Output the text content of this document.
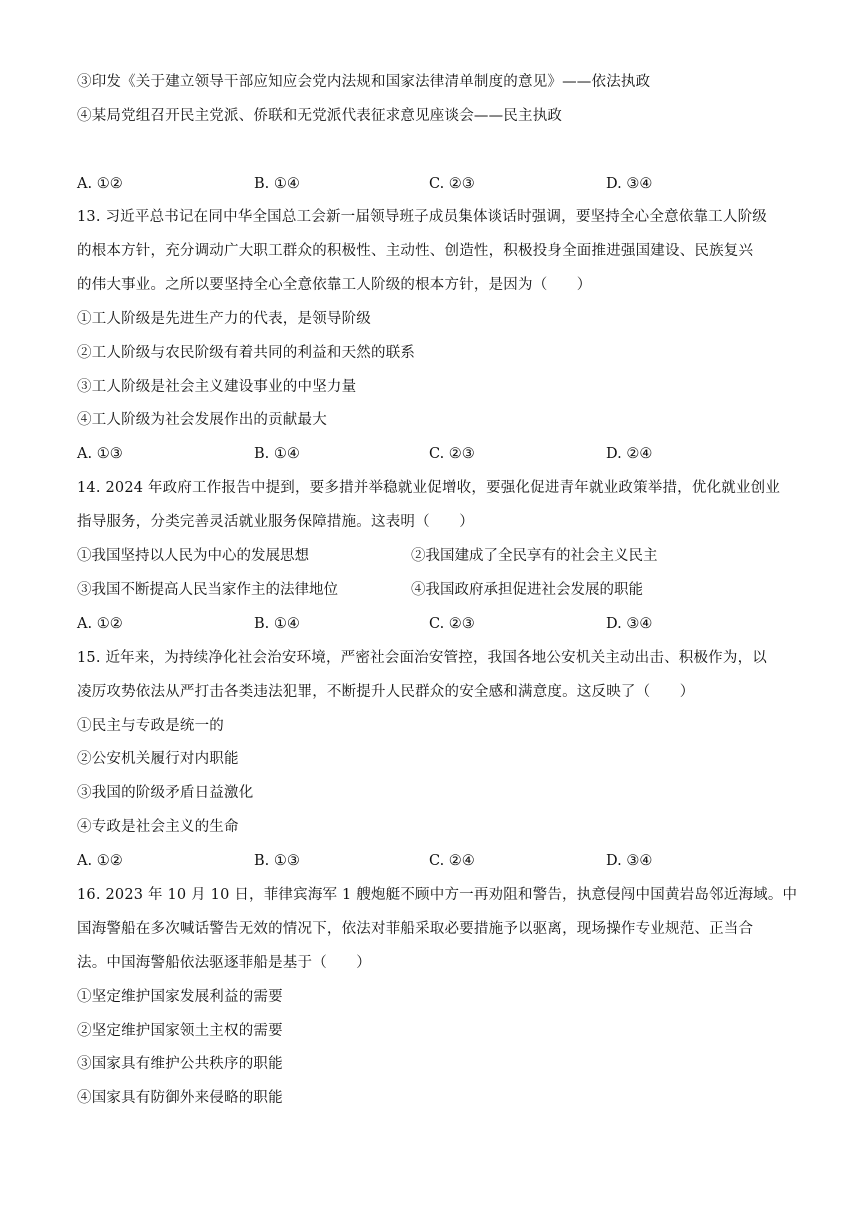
③印发《关于建立领导干部应知应会党内法规和国家法律清单制度的意见》——依法执政
④某局党组召开民主党派、侨联和无党派代表征求意见座谈会——民主执政
A. ①②	B. ①④	C. ②③	D. ③④
13. 习近平总书记在同中华全国总工会新一届领导班子成员集体谈话时强调，要坚持全心全意依靠工人阶级
的根本方针，充分调动广大职工群众的积极性、主动性、创造性，积极投身全面推进强国建设、民族复兴
的伟大事业。之所以要坚持全心全意依靠工人阶级的根本方针，是因为（　　）
①工人阶级是先进生产力的代表，是领导阶级
②工人阶级与农民阶级有着共同的利益和天然的联系
③工人阶级是社会主义建设事业的中坚力量
④工人阶级为社会发展作出的贡献最大
A. ①③	B. ①④	C. ②③	D. ②④
14. 2024 年政府工作报告中提到，要多措并举稳就业促增收，要强化促进青年就业政策举措，优化就业创业
指导服务，分类完善灵活就业服务保障措施。这表明（　　）
①我国坚持以人民为中心的发展思想	②我国建成了全民享有的社会主义民主
③我国不断提高人民当家作主的法律地位	④我国政府承担促进社会发展的职能
A. ①②	B. ①④	C. ②③	D. ③④
15. 近年来，为持续净化社会治安环境，严密社会面治安管控，我国各地公安机关主动出击、积极作为，以
凌厉攻势依法从严打击各类违法犯罪，不断提升人民群众的安全感和满意度。这反映了（　　）
①民主与专政是统一的
②公安机关履行对内职能
③我国的阶级矛盾日益激化
④专政是社会主义的生命
A. ①②	B. ①③	C. ②④	D. ③④
16. 2023 年 10 月 10 日，菲律宾海军 1 艘炮艇不顾中方一再劝阻和警告，执意侵闯中国黄岩岛邻近海域。中
国海警船在多次喊话警告无效的情况下，依法对菲船采取必要措施予以驱离，现场操作专业规范、正当合
法。中国海警船依法驱逐菲船是基于（　　）
①坚定维护国家发展利益的需要
②坚定维护国家领土主权的需要
③国家具有维护公共秩序的职能
④国家具有防御外来侵略的职能
